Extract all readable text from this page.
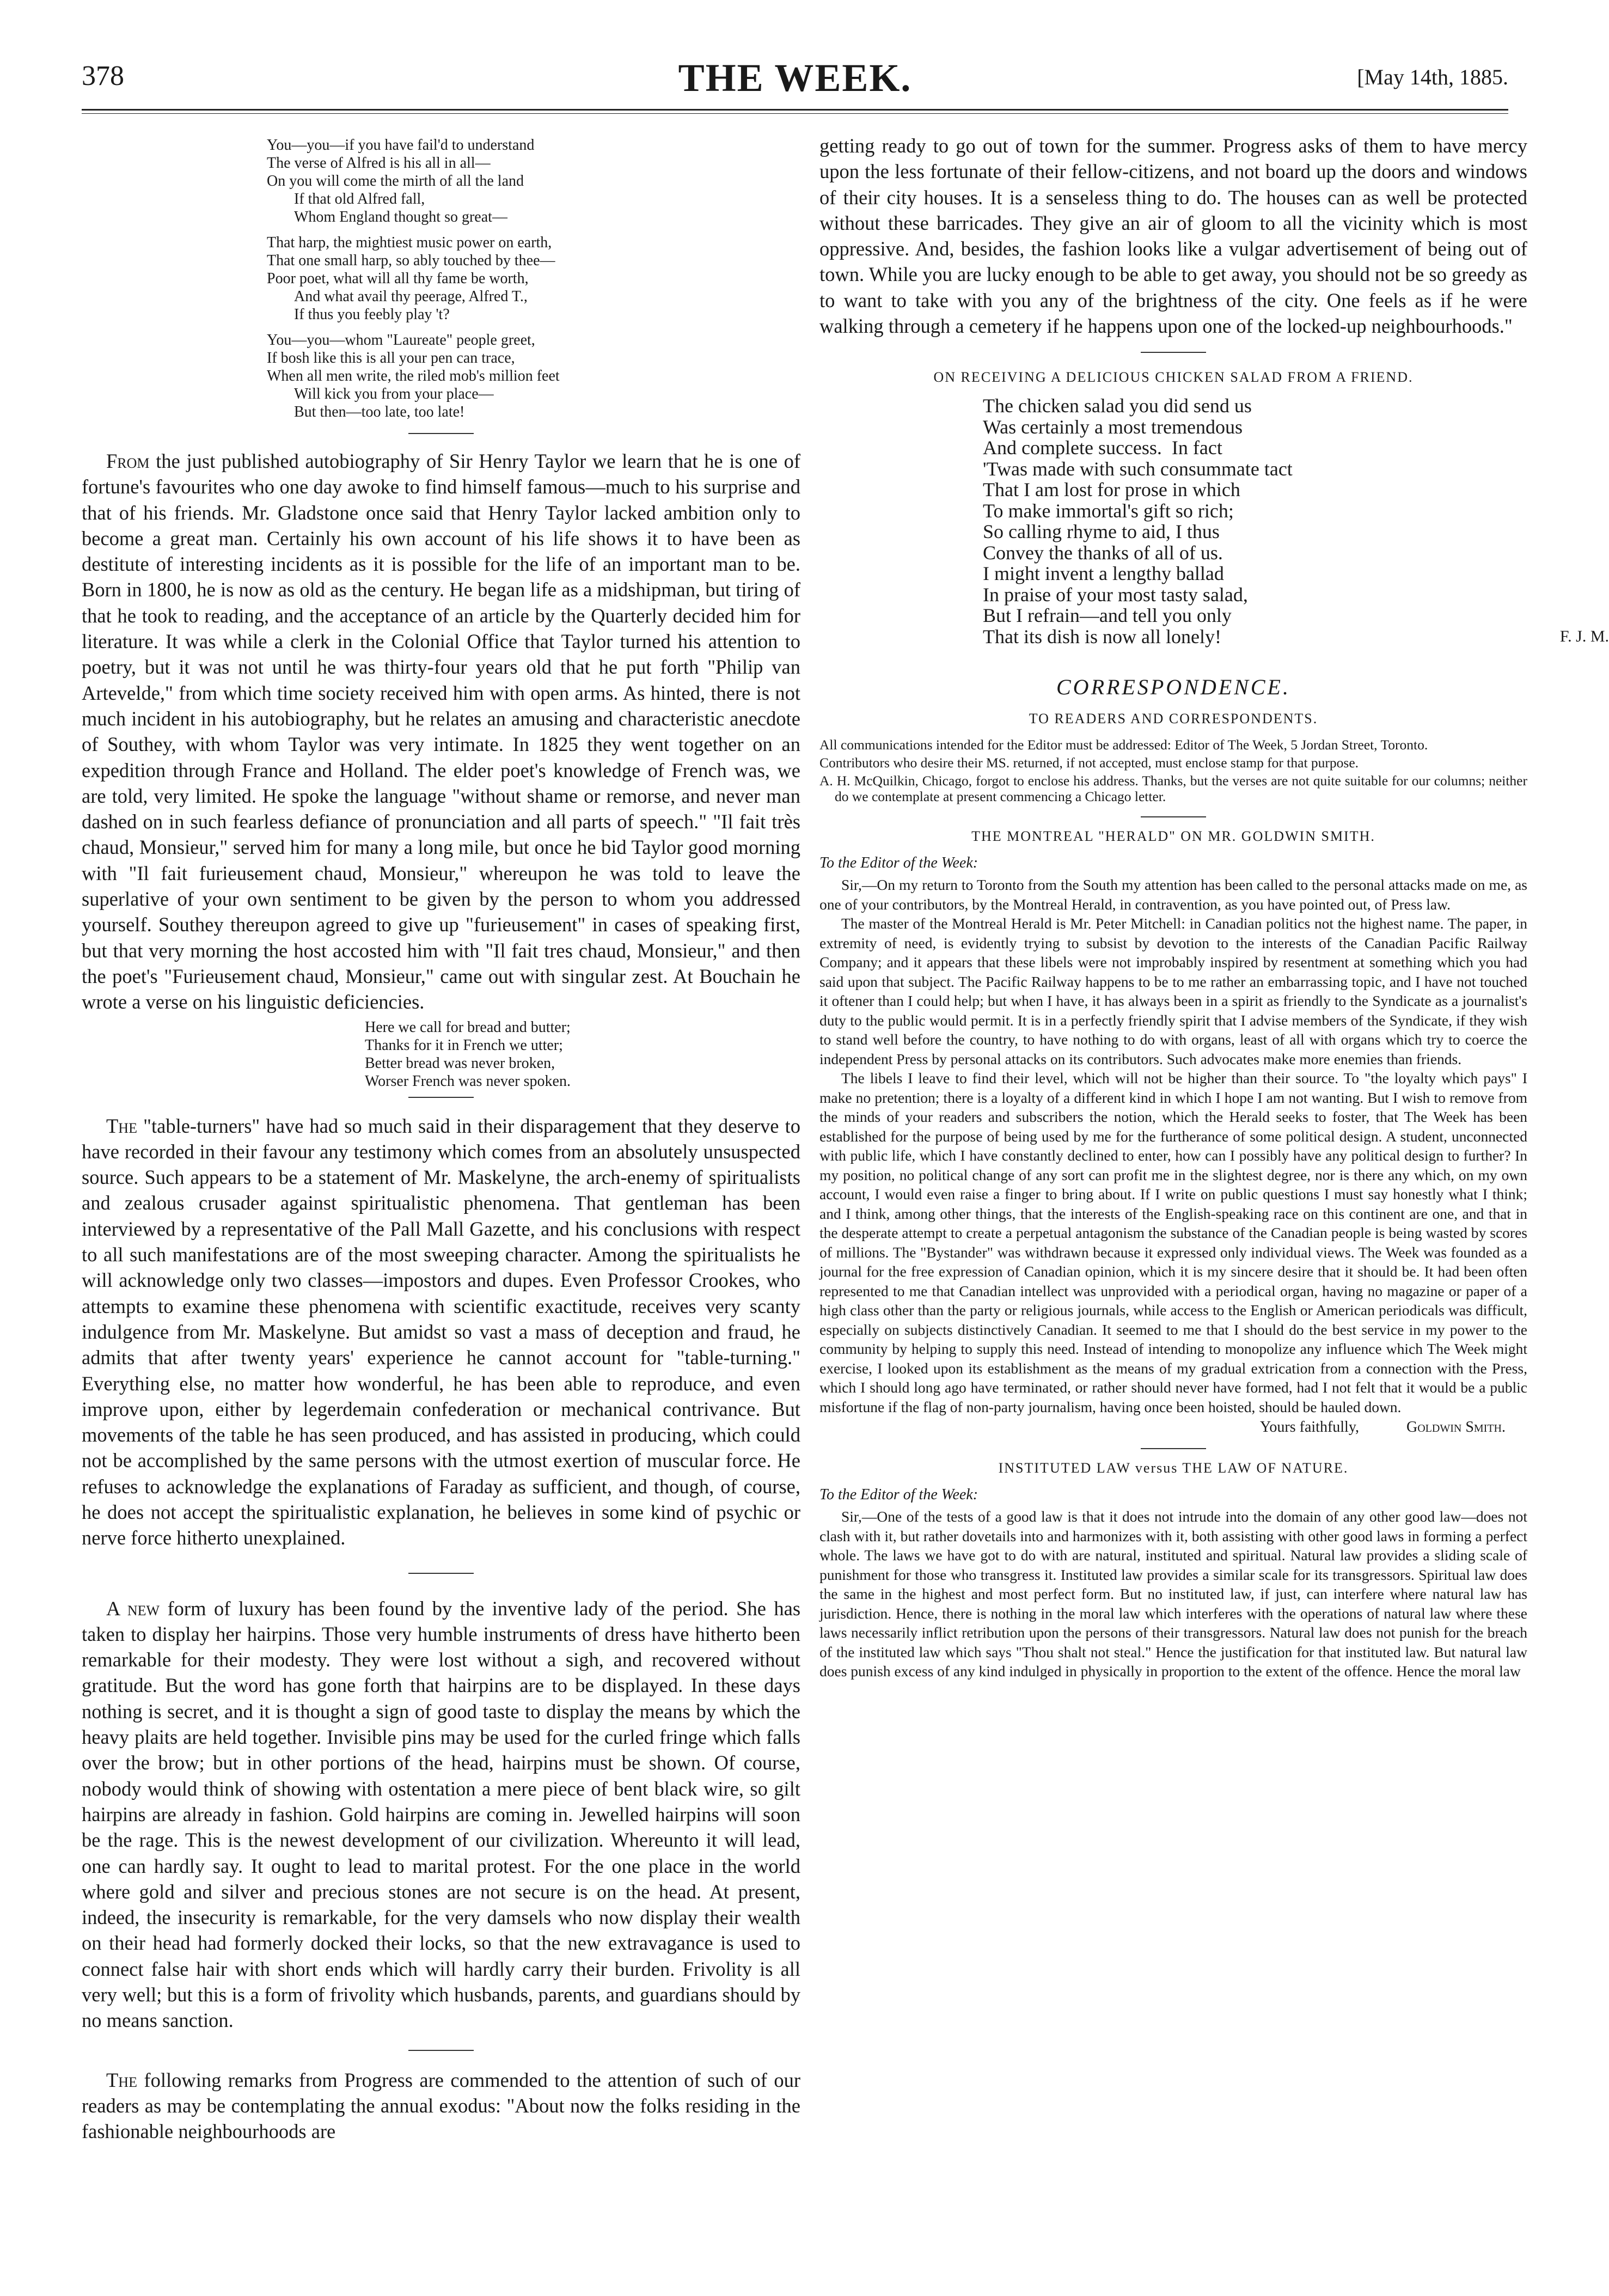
378	THE WEEK.	[May 14th, 1885.
You—you—if you have fail'd to understand
The verse of Alfred is his all in all—
On you will come the mirth of all the land
If that old Alfred fall,
Whom England thought so great—

That harp, the mightiest music power on earth,
That one small harp, so ably touched by thee—
Poor poet, what will all thy fame be worth,
And what avail thy peerage, Alfred T.,
If thus you feebly play 't?

You—you—whom "Laureate" people greet,
If bosh like this is all your pen can trace,
When all men write, the riled mob's million feet
Will kick you from your place—
But then—too late, too late!

From the just published autobiography of Sir Henry Taylor we learn that he is one of fortune's favourites who one day awoke to find himself famous—much to his surprise and that of his friends. Mr. Gladstone once said that Henry Taylor lacked ambition only to become a great man. Certainly his own account of his life shows it to have been as destitute of interesting incidents as it is possible for the life of an important man to be. Born in 1800, he is now as old as the century. He began life as a midshipman, but tiring of that he took to reading, and the acceptance of an article by the Quarterly decided him for literature. It was while a clerk in the Colonial Office that Taylor turned his attention to poetry, but it was not until he was thirty-four years old that he put forth "Philip van Artevelde," from which time society received him with open arms. As hinted, there is not much incident in his autobiography, but he relates an amusing and characteristic anecdote of Southey, with whom Taylor was very intimate. In 1825 they went together on an expedition through France and Holland. The elder poet's knowledge of French was, we are told, very limited. He spoke the language "without shame or remorse, and never man dashed on in such fearless defiance of pronunciation and all parts of speech." "Il fait très chaud, Monsieur," served him for many a long mile, but once he bid Taylor good morning with "Il fait furieusement chaud, Monsieur," whereupon he was told to leave the superlative of your own sentiment to be given by the person to whom you addressed yourself. Southey thereupon agreed to give up "furieusement" in cases of speaking first, but that very morning the host accosted him with "Il fait tres chaud, Monsieur," and then the poet's "Furieusement chaud, Monsieur," came out with singular zest. At Bouchain he wrote a verse on his linguistic deficiencies.

Here we call for bread and butter;
Thanks for it in French we utter;
Better bread was never broken,
Worser French was never spoken.

The "table-turners" have had so much said in their disparagement that they deserve to have recorded in their favour any testimony which comes from an absolutely unsuspected source. Such appears to be a statement of Mr. Maskelyne, the arch-enemy of spiritualists and zealous crusader against spiritualistic phenomena. That gentleman has been interviewed by a representative of the Pall Mall Gazette, and his conclusions with respect to all such manifestations are of the most sweeping character. Among the spiritualists he will acknowledge only two classes—impostors and dupes. Even Professor Crookes, who attempts to examine these phenomena with scientific exactitude, receives very scanty indulgence from Mr. Maskelyne. But amidst so vast a mass of deception and fraud, he admits that after twenty years' experience he cannot account for "table-turning." Everything else, no matter how wonderful, he has been able to reproduce, and even improve upon, either by legerdemain confederation or mechanical contrivance. But movements of the table he has seen produced, and has assisted in producing, which could not be accomplished by the same persons with the utmost exertion of muscular force. He refuses to acknowledge the explanations of Faraday as sufficient, and though, of course, he does not accept the spiritualistic explanation, he believes in some kind of psychic or nerve force hitherto unexplained.

A new form of luxury has been found by the inventive lady of the period. She has taken to display her hairpins. Those very humble instruments of dress have hitherto been remarkable for their modesty. They were lost without a sigh, and recovered without gratitude. But the word has gone forth that hairpins are to be displayed. In these days nothing is secret, and it is thought a sign of good taste to display the means by which the heavy plaits are held together. Invisible pins may be used for the curled fringe which falls over the brow; but in other portions of the head, hairpins must be shown. Of course, nobody would think of showing with ostentation a mere piece of bent black wire, so gilt hairpins are already in fashion. Gold hairpins are coming in. Jewelled hairpins will soon be the rage. This is the newest development of our civilization. Whereunto it will lead, one can hardly say. It ought to lead to marital protest. For the one place in the world where gold and silver and precious stones are not secure is on the head. At present, indeed, the insecurity is remarkable, for the very damsels who now display their wealth on their head had formerly docked their locks, so that the new extravagance is used to connect false hair with short ends which will hardly carry their burden. Frivolity is all very well; but this is a form of frivolity which husbands, parents, and guardians should by no means sanction.

The following remarks from Progress are commended to the attention of such of our readers as may be contemplating the annual exodus: "About now the folks residing in the fashionable neighbourhoods are

getting ready to go out of town for the summer. Progress asks of them to have mercy upon the less fortunate of their fellow-citizens, and not board up the doors and windows of their city houses. It is a senseless thing to do. The houses can as well be protected without these barricades. They give an air of gloom to all the vicinity which is most oppressive. And, besides, the fashion looks like a vulgar advertisement of being out of town. While you are lucky enough to be able to get away, you should not be so greedy as to want to take with you any of the brightness of the city. One feels as if he were walking through a cemetery if he happens upon one of the locked-up neighbourhoods."

ON RECEIVING A DELICIOUS CHICKEN SALAD FROM A FRIEND.
The chicken salad you did send us
Was certainly a most tremendous
And complete success.  In fact
'Twas made with such consummate tact
That I am lost for prose in which
To make immortal's gift so rich;
So calling rhyme to aid, I thus
Convey the thanks of all of us.
I might invent a lengthy ballad
In praise of your most tasty salad,
But I refrain—and tell you only
That its dish is now all lonely!	F. J. M.
CORRESPONDENCE.
TO READERS AND CORRESPONDENTS.

All communications intended for the Editor must be addressed: Editor of The Week, 5 Jordan Street, Toronto.

Contributors who desire their MS. returned, if not accepted, must enclose stamp for that purpose.

A. H. McQuilkin, Chicago, forgot to enclose his address. Thanks, but the verses are not quite suitable for our columns; neither do we contemplate at present commencing a Chicago letter.

THE MONTREAL "HERALD" ON MR. GOLDWIN SMITH.
To the Editor of the Week:

Sir,—On my return to Toronto from the South my attention has been called to the personal attacks made on me, as one of your contributors, by the Montreal Herald, in contravention, as you have pointed out, of Press law.

The master of the Montreal Herald is Mr. Peter Mitchell: in Canadian politics not the highest name. The paper, in extremity of need, is evidently trying to subsist by devotion to the interests of the Canadian Pacific Railway Company; and it appears that these libels were not improbably inspired by resentment at something which you had said upon that subject. The Pacific Railway happens to be to me rather an embarrassing topic, and I have not touched it oftener than I could help; but when I have, it has always been in a spirit as friendly to the Syndicate as a journalist's duty to the public would permit. It is in a perfectly friendly spirit that I advise members of the Syndicate, if they wish to stand well before the country, to have nothing to do with organs, least of all with organs which try to coerce the independent Press by personal attacks on its contributors. Such advocates make more enemies than friends.

The libels I leave to find their level, which will not be higher than their source. To "the loyalty which pays" I make no pretention; there is a loyalty of a different kind in which I hope I am not wanting. But I wish to remove from the minds of your readers and subscribers the notion, which the Herald seeks to foster, that The Week has been established for the purpose of being used by me for the furtherance of some political design. A student, unconnected with public life, which I have constantly declined to enter, how can I possibly have any political design to further? In my position, no political change of any sort can profit me in the slightest degree, nor is there any which, on my own account, I would even raise a finger to bring about. If I write on public questions I must say honestly what I think; and I think, among other things, that the interests of the English-speaking race on this continent are one, and that in the desperate attempt to create a perpetual antagonism the substance of the Canadian people is being wasted by scores of millions. The "Bystander" was withdrawn because it expressed only individual views. The Week was founded as a journal for the free expression of Canadian opinion, which it is my sincere desire that it should be. It had been often represented to me that Canadian intellect was unprovided with a periodical organ, having no magazine or paper of a high class other than the party or religious journals, while access to the English or American periodicals was difficult, especially on subjects distinctively Canadian. It seemed to me that I should do the best service in my power to the community by helping to supply this need. Instead of intending to monopolize any influence which The Week might exercise, I looked upon its establishment as the means of my gradual extrication from a connection with the Press, which I should long ago have terminated, or rather should never have formed, had I not felt that it would be a public misfortune if the flag of non-party journalism, having once been hoisted, should be hauled down.

Yours faithfully,	Goldwin Smith.
INSTITUTED LAW versus THE LAW OF NATURE.
To the Editor of the Week:

Sir,—One of the tests of a good law is that it does not intrude into the domain of any other good law—does not clash with it, but rather dovetails into and harmonizes with it, both assisting with other good laws in forming a perfect whole. The laws we have got to do with are natural, instituted and spiritual. Natural law provides a sliding scale of punishment for those who transgress it. Instituted law provides a similar scale for its transgressors. Spiritual law does the same in the highest and most perfect form. But no instituted law, if just, can interfere where natural law has jurisdiction. Hence, there is nothing in the moral law which interferes with the operations of natural law where these laws necessarily inflict retribution upon the persons of their transgressors. Natural law does not punish for the breach of the instituted law which says "Thou shalt not steal." Hence the justification for that instituted law. But natural law does punish excess of any kind indulged in physically in proportion to the extent of the offence. Hence the moral law
